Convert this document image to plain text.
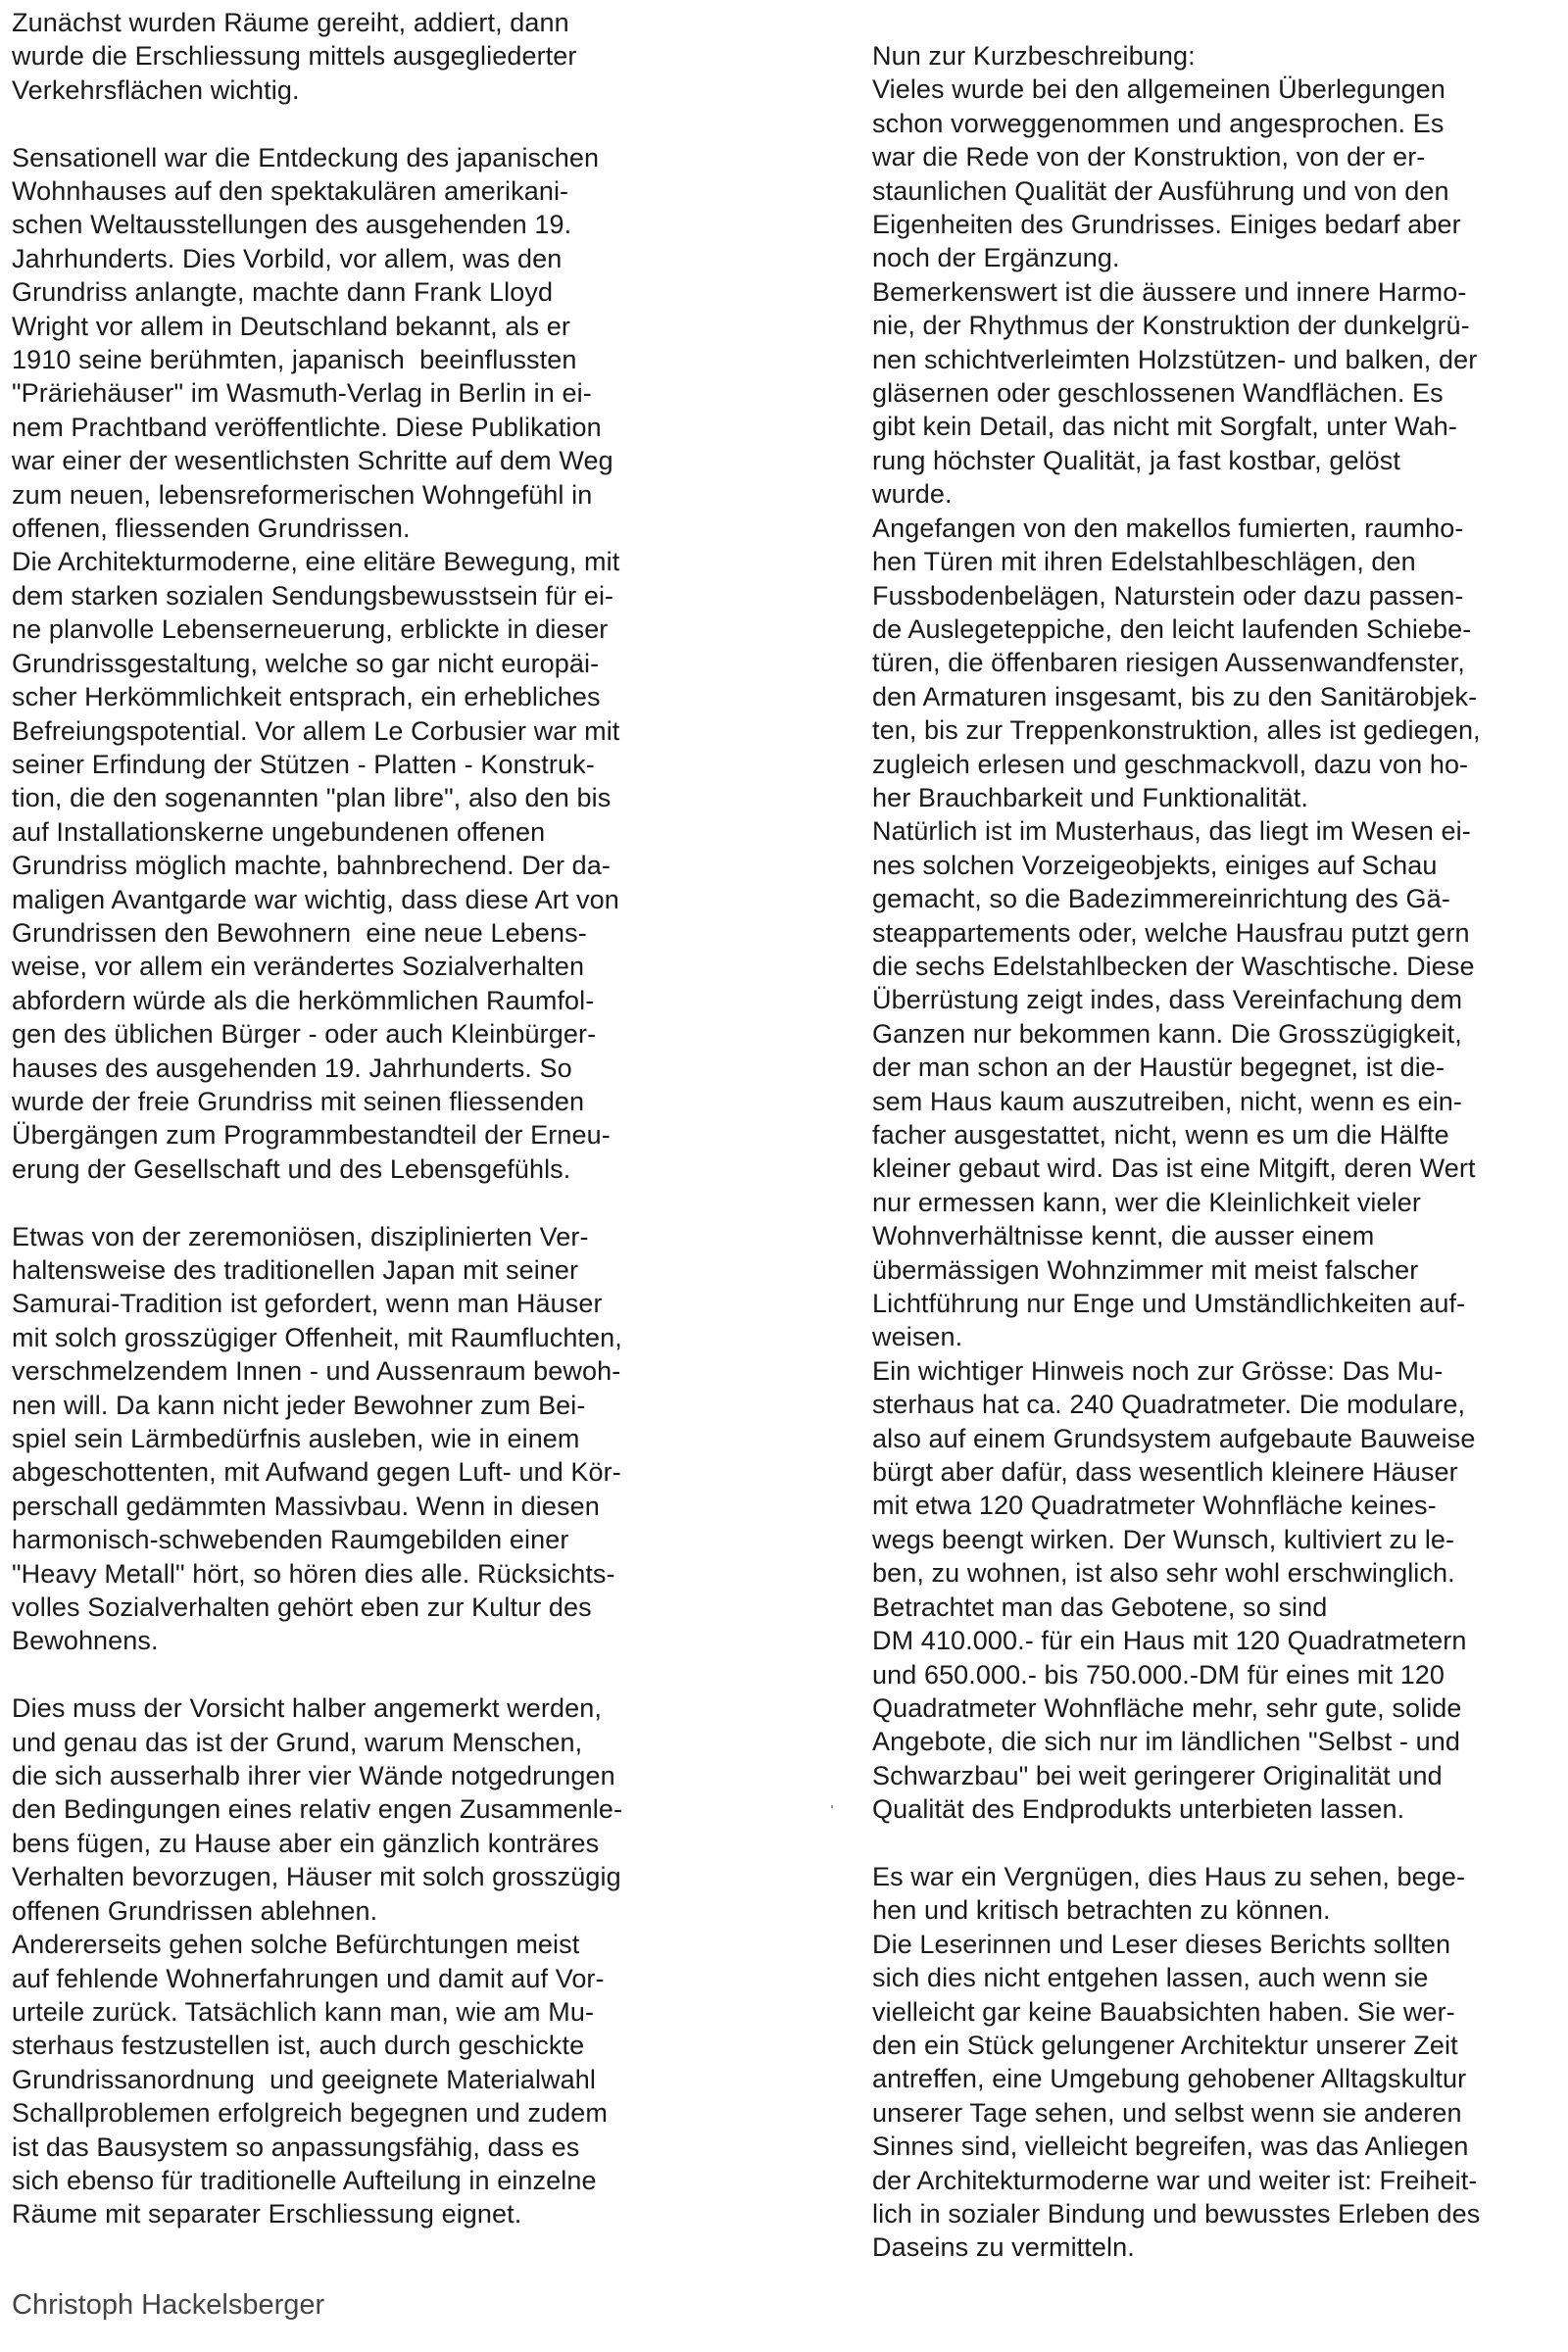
Zunächst wurden Räume gereiht, addiert, dann
wurde die Erschliessung mittels ausgegliederter
Verkehrsflächen wichtig.
Sensationell war die Entdeckung des japanischen
Wohnhauses auf den spektakulären amerikani-
schen Weltausstellungen des ausgehenden 19.
Jahrhunderts. Dies Vorbild, vor allem, was den
Grundriss anlangte, machte dann Frank Lloyd
Wright vor allem in Deutschland bekannt, als er
1910 seine berühmten, japanisch  beeinflussten
"Präriehäuser" im Wasmuth-Verlag in Berlin in ei-
nem Prachtband veröffentlichte. Diese Publikation
war einer der wesentlichsten Schritte auf dem Weg
zum neuen, lebensreformerischen Wohngefühl in
offenen, fliessenden Grundrissen.
Die Architekturmoderne, eine elitäre Bewegung, mit
dem starken sozialen Sendungsbewusstsein für ei-
ne planvolle Lebenserneuerung, erblickte in dieser
Grundrissgestaltung, welche so gar nicht europäi-
scher Herkömmlichkeit entsprach, ein erhebliches
Befreiungspotential. Vor allem Le Corbusier war mit
seiner Erfindung der Stützen - Platten - Konstruk-
tion, die den sogenannten "plan libre", also den bis
auf Installationskerne ungebundenen offenen
Grundriss möglich machte, bahnbrechend. Der da-
maligen Avantgarde war wichtig, dass diese Art von
Grundrissen den Bewohnern  eine neue Lebens-
weise, vor allem ein verändertes Sozialverhalten
abfordern würde als die herkömmlichen Raumfol-
gen des üblichen Bürger - oder auch Kleinbürger-
hauses des ausgehenden 19. Jahrhunderts. So
wurde der freie Grundriss mit seinen fliessenden
Übergängen zum Programmbestandteil der Erneu-
erung der Gesellschaft und des Lebensgefühls.
Etwas von der zeremoniösen, disziplinierten Ver-
haltensweise des traditionellen Japan mit seiner
Samurai-Tradition ist gefordert, wenn man Häuser
mit solch grosszügiger Offenheit, mit Raumfluchten,
verschmelzendem Innen - und Aussenraum bewoh-
nen will. Da kann nicht jeder Bewohner zum Bei-
spiel sein Lärmbedürfnis ausleben, wie in einem
abgeschottenten, mit Aufwand gegen Luft- und Kör-
perschall gedämmten Massivbau. Wenn in diesen
harmonisch-schwebenden Raumgebilden einer
"Heavy Metall" hört, so hören dies alle. Rücksichts-
volles Sozialverhalten gehört eben zur Kultur des
Bewohnens.
Dies muss der Vorsicht halber angemerkt werden,
und genau das ist der Grund, warum Menschen,
die sich ausserhalb ihrer vier Wände notgedrungen
den Bedingungen eines relativ engen Zusammenle-
bens fügen, zu Hause aber ein gänzlich konträres
Verhalten bevorzugen, Häuser mit solch grosszügig
offenen Grundrissen ablehnen.
Andererseits gehen solche Befürchtungen meist
auf fehlende Wohnerfahrungen und damit auf Vor-
urteile zurück. Tatsächlich kann man, wie am Mu-
sterhaus festzustellen ist, auch durch geschickte
Grundrissanordnung  und geeignete Materialwahl
Schallproblemen erfolgreich begegnen und zudem
ist das Bausystem so anpassungsfähig, dass es
sich ebenso für traditionelle Aufteilung in einzelne
Räume mit separater Erschliessung eignet.
Nun zur Kurzbeschreibung:
Vieles wurde bei den allgemeinen Überlegungen
schon vorweggenommen und angesprochen. Es
war die Rede von der Konstruktion, von der er-
staunlichen Qualität der Ausführung und von den
Eigenheiten des Grundrisses. Einiges bedarf aber
noch der Ergänzung.
Bemerkenswert ist die äussere und innere Harmo-
nie, der Rhythmus der Konstruktion der dunkelgrü-
nen schichtverleimten Holzstützen- und balken, der
gläsernen oder geschlossenen Wandflächen. Es
gibt kein Detail, das nicht mit Sorgfalt, unter Wah-
rung höchster Qualität, ja fast kostbar, gelöst
wurde.
Angefangen von den makellos fumierten, raumho-
hen Türen mit ihren Edelstahlbeschlägen, den
Fussbodenbelägen, Naturstein oder dazu passen-
de Auslegeteppiche, den leicht laufenden Schiebe-
türen, die öffenbaren riesigen Aussenwandfenster,
den Armaturen insgesamt, bis zu den Sanitärobjek-
ten, bis zur Treppenkonstruktion, alles ist gediegen,
zugleich erlesen und geschmackvoll, dazu von ho-
her Brauchbarkeit und Funktionalität.
Natürlich ist im Musterhaus, das liegt im Wesen ei-
nes solchen Vorzeigeobjekts, einiges auf Schau
gemacht, so die Badezimmereinrichtung des Gä-
steappartements oder, welche Hausfrau putzt gern
die sechs Edelstahlbecken der Waschtische. Diese
Überrüstung zeigt indes, dass Vereinfachung dem
Ganzen nur bekommen kann. Die Grosszügigkeit,
der man schon an der Haustür begegnet, ist die-
sem Haus kaum auszutreiben, nicht, wenn es ein-
facher ausgestattet, nicht, wenn es um die Hälfte
kleiner gebaut wird. Das ist eine Mitgift, deren Wert
nur ermessen kann, wer die Kleinlichkeit vieler
Wohnverhältnisse kennt, die ausser einem
übermässigen Wohnzimmer mit meist falscher
Lichtführung nur Enge und Umständlichkeiten auf-
weisen.
Ein wichtiger Hinweis noch zur Grösse: Das Mu-
sterhaus hat ca. 240 Quadratmeter. Die modulare,
also auf einem Grundsystem aufgebaute Bauweise
bürgt aber dafür, dass wesentlich kleinere Häuser
mit etwa 120 Quadratmeter Wohnfläche keines-
wegs beengt wirken. Der Wunsch, kultiviert zu le-
ben, zu wohnen, ist also sehr wohl erschwinglich.
Betrachtet man das Gebotene, so sind
DM 410.000.- für ein Haus mit 120 Quadratmetern
und 650.000.- bis 750.000.-DM für eines mit 120
Quadratmeter Wohnfläche mehr, sehr gute, solide
Angebote, die sich nur im ländlichen "Selbst - und
Schwarzbau" bei weit geringerer Originalität und
Qualität des Endprodukts unterbieten lassen.
Es war ein Vergnügen, dies Haus zu sehen, bege-
hen und kritisch betrachten zu können.
Die Leserinnen und Leser dieses Berichts sollten
sich dies nicht entgehen lassen, auch wenn sie
vielleicht gar keine Bauabsichten haben. Sie wer-
den ein Stück gelungener Architektur unserer Zeit
antreffen, eine Umgebung gehobener Alltagskultur
unserer Tage sehen, und selbst wenn sie anderen
Sinnes sind, vielleicht begreifen, was das Anliegen
der Architekturmoderne war und weiter ist: Freiheit-
lich in sozialer Bindung und bewusstes Erleben des
Daseins zu vermitteln.
Christoph Hackelsberger
